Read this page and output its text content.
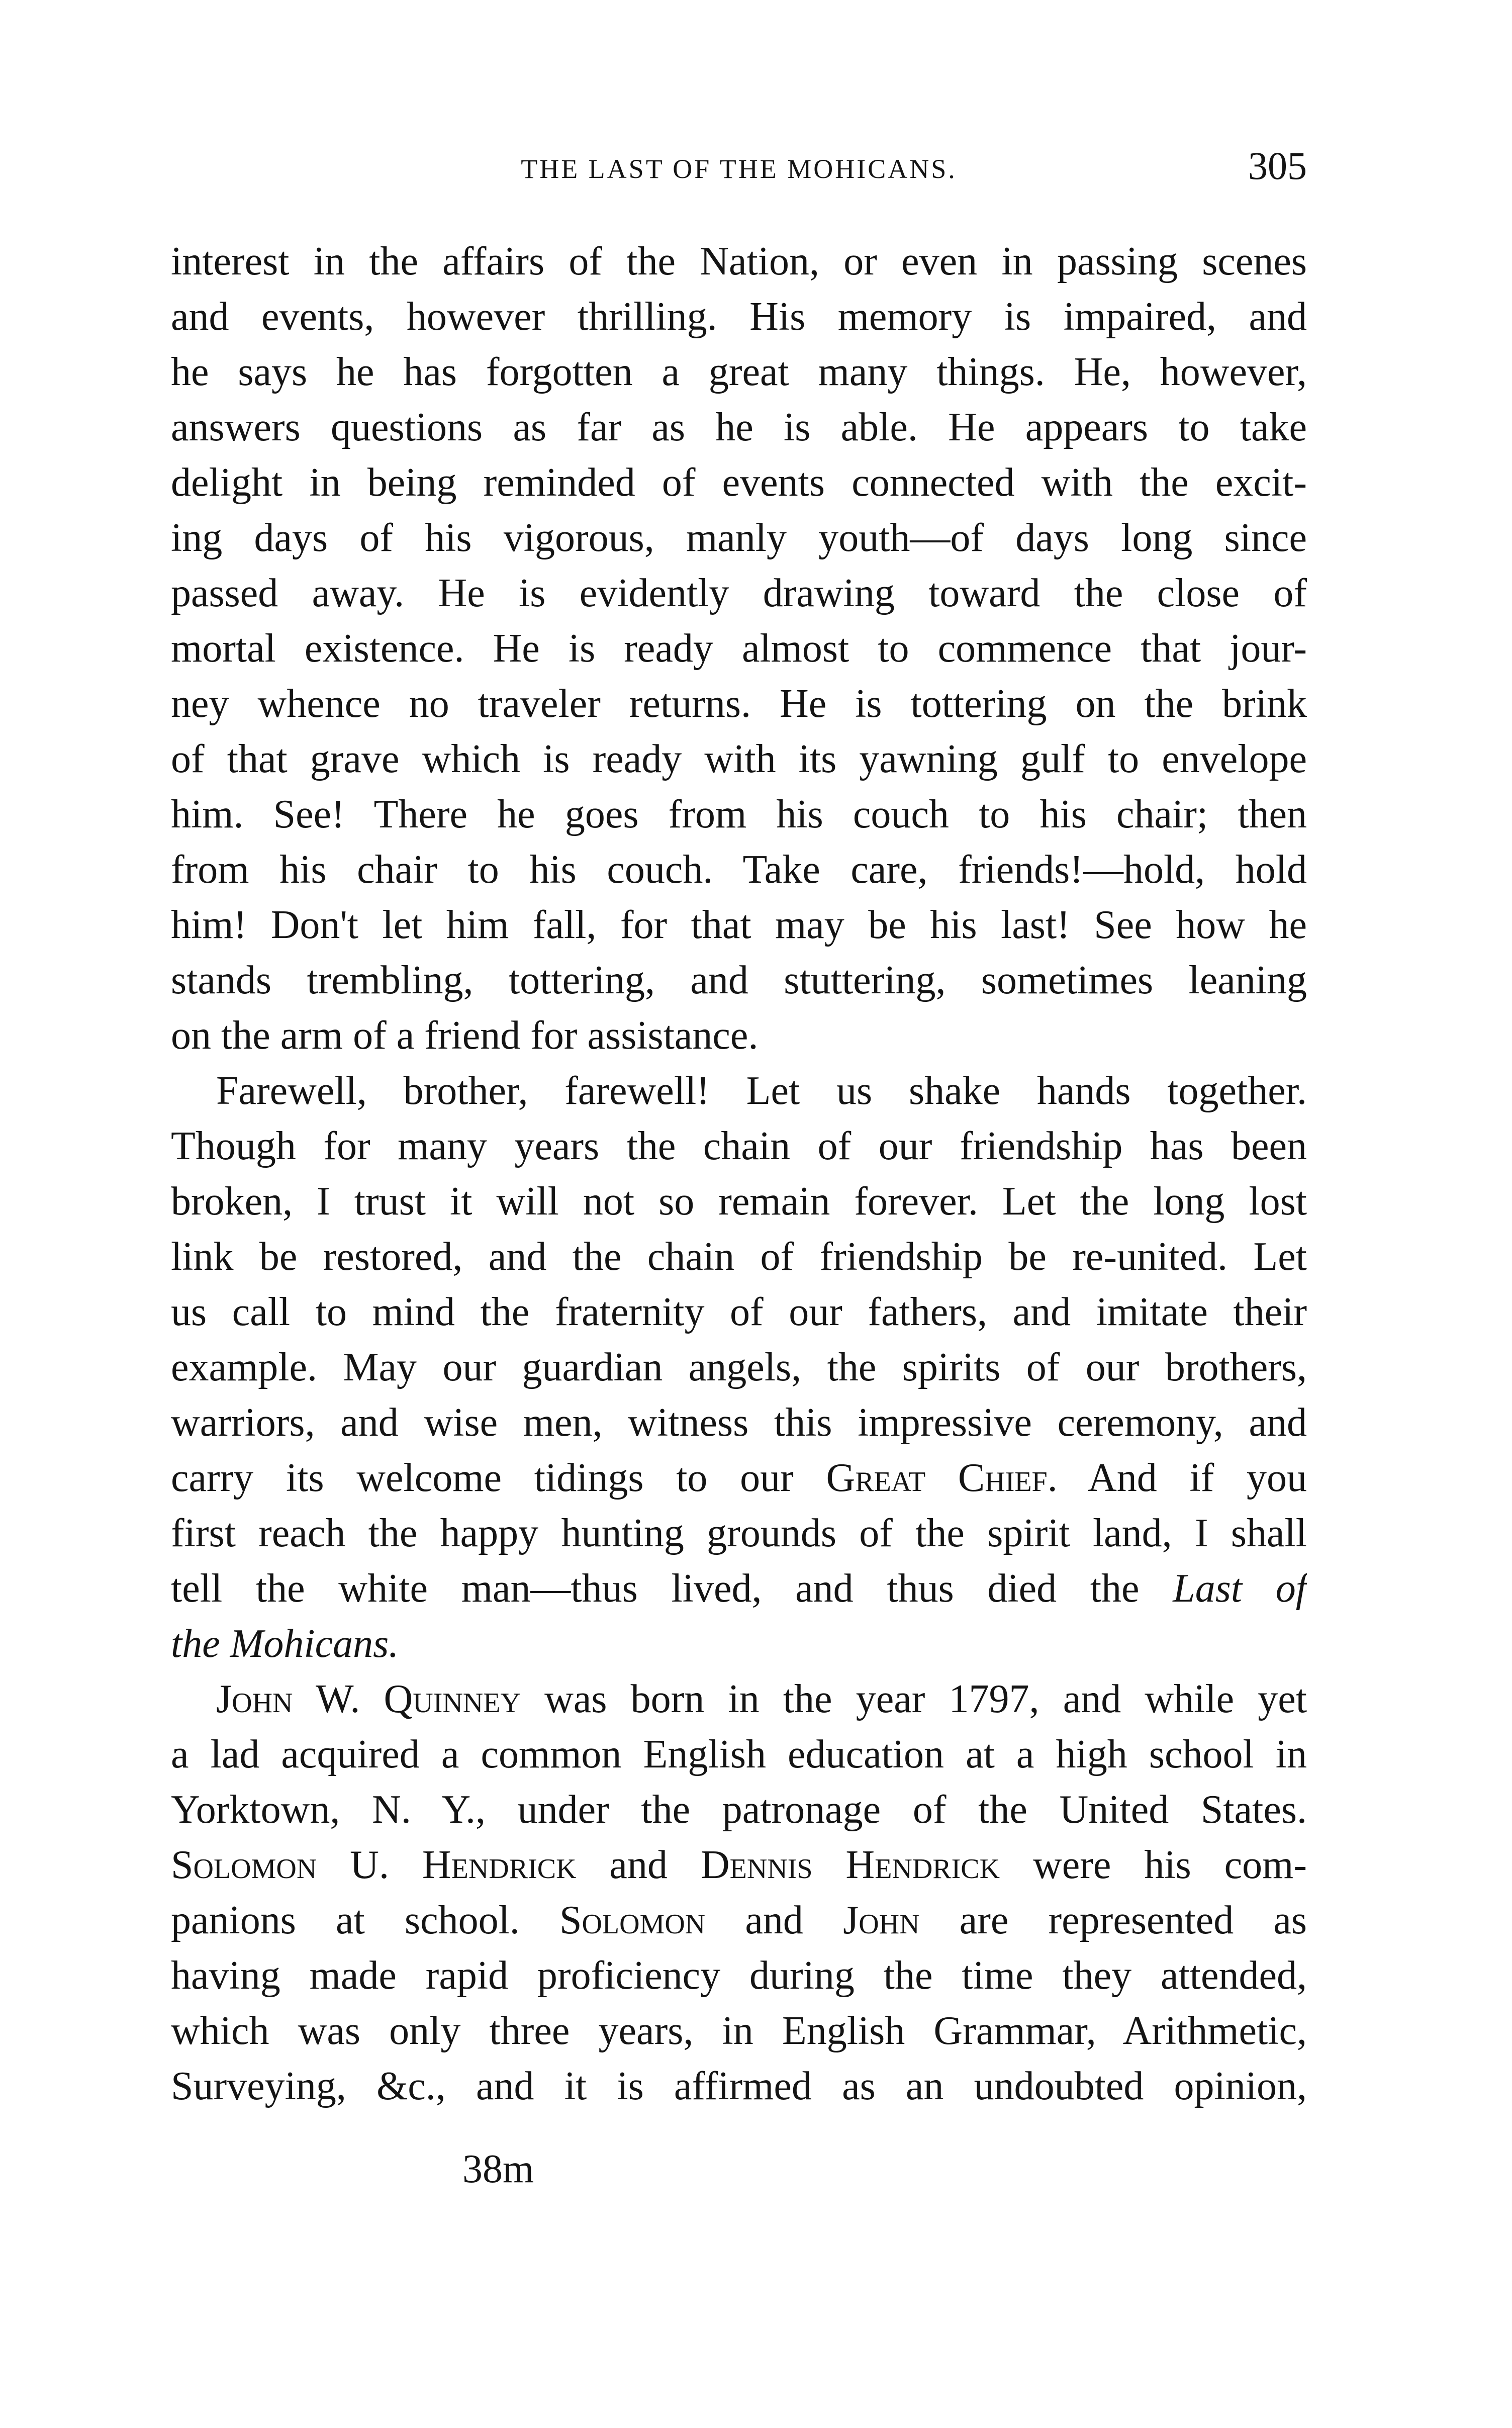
THE LAST OF THE MOHICANS.	305
interest in the affairs of the Nation, or even in passing scenes
and events, however thrilling. His memory is impaired, and
he says he has forgotten a great many things. He, however,
answers questions as far as he is able. He appears to take
delight in being reminded of events connected with the excit-
ing days of his vigorous, manly youth—of days long since
passed away. He is evidently drawing toward the close of
mortal existence. He is ready almost to commence that jour-
ney whence no traveler returns. He is tottering on the brink
of that grave which is ready with its yawning gulf to envelope
him. See! There he goes from his couch to his chair; then
from his chair to his couch. Take care, friends!—hold, hold
him! Don't let him fall, for that may be his last! See how he
stands trembling, tottering, and stuttering, sometimes leaning
on the arm of a friend for assistance.
Farewell, brother, farewell! Let us shake hands together.
Though for many years the chain of our friendship has been
broken, I trust it will not so remain forever. Let the long lost
link be restored, and the chain of friendship be re-united. Let
us call to mind the fraternity of our fathers, and imitate their
example. May our guardian angels, the spirits of our brothers,
warriors, and wise men, witness this impressive ceremony, and
carry its welcome tidings to our Great Chief. And if you
first reach the happy hunting grounds of the spirit land, I shall
tell the white man—thus lived, and thus died the Last of
the Mohicans.
John W. Quinney was born in the year 1797, and while yet
a lad acquired a common English education at a high school in
Yorktown, N. Y., under the patronage of the United States.
Solomon U. Hendrick and Dennis Hendrick were his com-
panions at school. Solomon and John are represented as
having made rapid proficiency during the time they attended,
which was only three years, in English Grammar, Arithmetic,
Surveying, &c., and it is affirmed as an undoubted opinion,
38m
